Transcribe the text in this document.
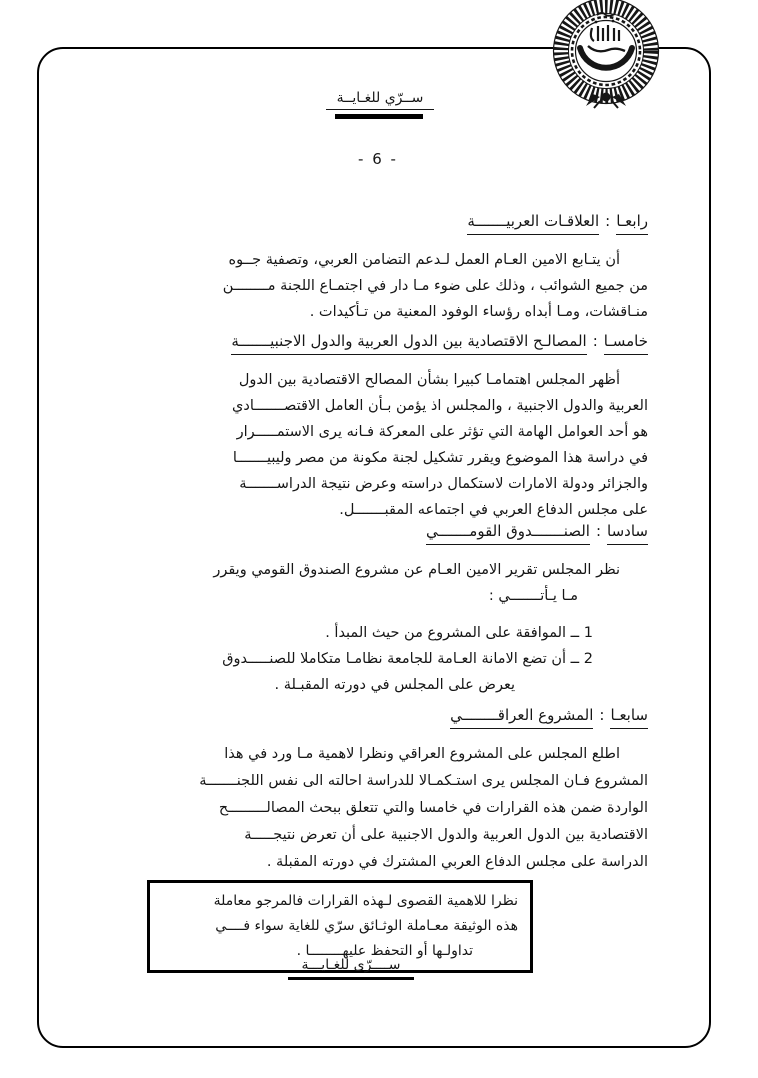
ســرّي للغـايــة
- 6 -
رابعـا:العلاقـات العربيـــــــة
أن يتـابع الامين العـام العمل لـدعم التضامن العربي، وتصفية جــوه
من جميع الشوائب ، وذلك على ضوء مـا دار في اجتمـاع اللجنة مــــــــن
منـاقشات، ومـا أبداه رؤساء الوفود المعنية من تـأكيدات .
خامسـا:المصالـح الاقتصادية بين الدول العربية والدول الاجنبيـــــــة
أظهر المجلس اهتمامـا كبيرا بشأن المصالح الاقتصادية بين الدول
العربية والدول الاجنبية ، والمجلس اذ يؤمن بـأن العامل الاقتصـــــــادي
هو أحد العوامل الهامة التي تؤثر على المعركة فـانه يرى الاستمـــــرار
في دراسة هذا الموضوع ويقرر تشكيل لجنة مكونة من مصر وليبيـــــــا
والجزائر ودولة الامارات لاستكمال دراسته وعرض نتيجة الدراســـــــة
على مجلس الدفاع العربي في اجتماعه المقبـــــــل.
سادسا:الصنـــــــدوق القومـــــــي
نظر المجلس تقرير الامين العـام عن مشروع الصندوق القومي ويقرر
مـا يـأتـــــــي :
1 ــ الموافقة على المشروع من حيث المبدأ .
2 ــ أن تضع الامانة العـامة للجامعة نظامـا متكاملا للصنـــــدوق
يعرض على المجلس في دورته المقبـلة .
سابعـا:المشروع العراقــــــــي
اطلع المجلس على المشروع العراقي ونظرا لاهمية مـا ورد في هذا
المشروع فـان المجلس يرى استـكمـالا للدراسة احالته الى نفس اللجنـــــــة
الواردة ضمن هذه القرارات في خامسا والتي تتعلق ببحث المصالـــــــــح
الاقتصادية بين الدول العربية والدول الاجنبية على أن تعرض نتيجـــــة
الدراسة على مجلس الدفاع العربي المشترك في دورته المقبلة .
نظرا للاهمية القصوى لـهذه القرارات فالمرجو معاملة
هذه الوثيقة معـاملة الوثـائق سرّي للغاية سواء فــــي
تداولـها أو التحفظ عليهــــــــا .
ســــرّى للغـايـــة
